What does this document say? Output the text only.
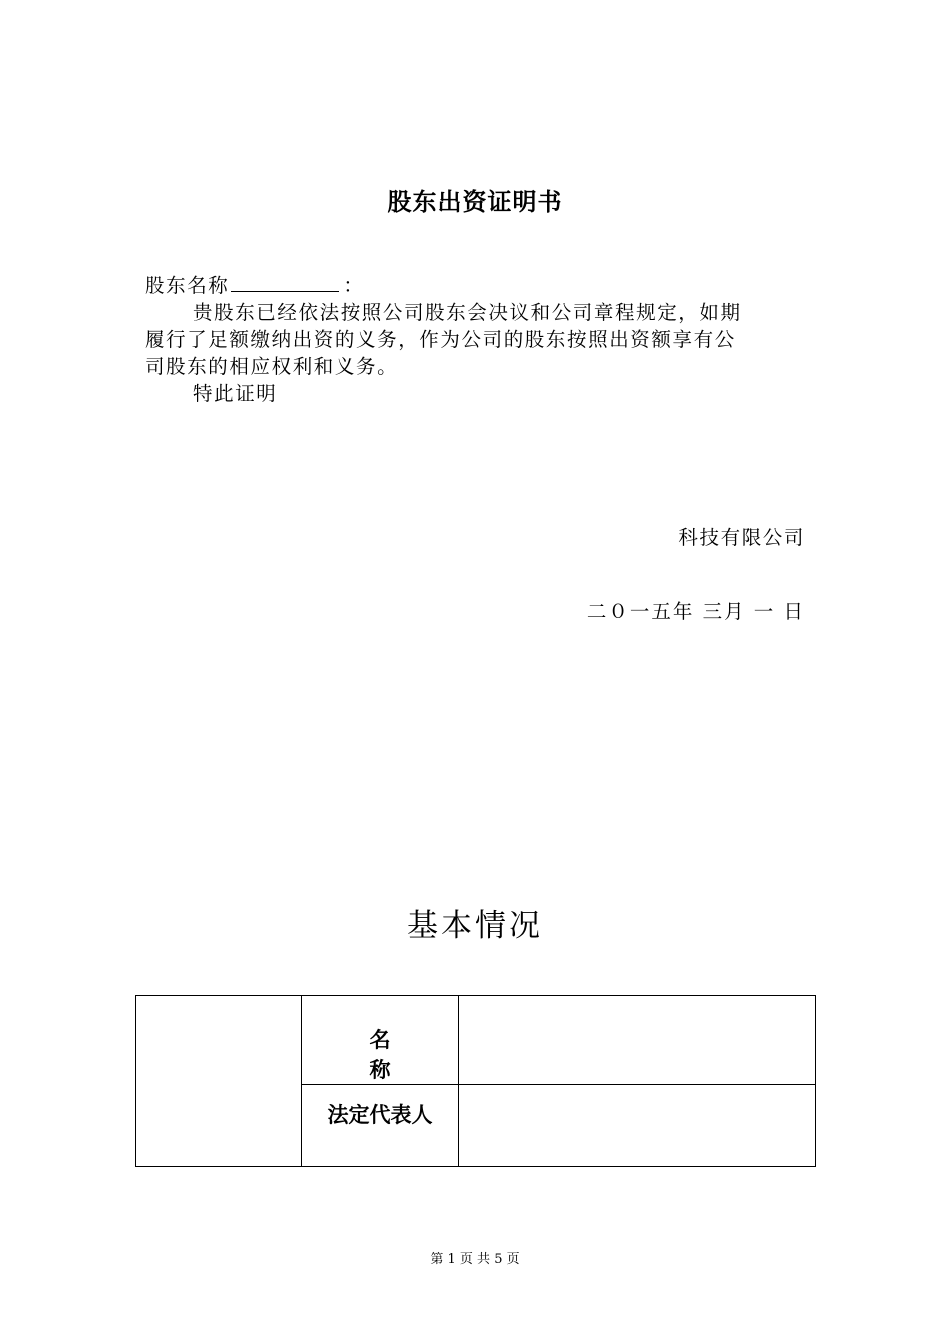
股东出资证明书
股东名称	：
贵股东已经依法按照公司股东会决议和公司章程规定，如期
履行了足额缴纳出资的义务，作为公司的股东按照出资额享有公
司股东的相应权利和义务。
特此证明
科技有限公司
二０一五年 三月 一 日
基本情况

	名称	

	法定代表人	

第 1 页 共 5 页
